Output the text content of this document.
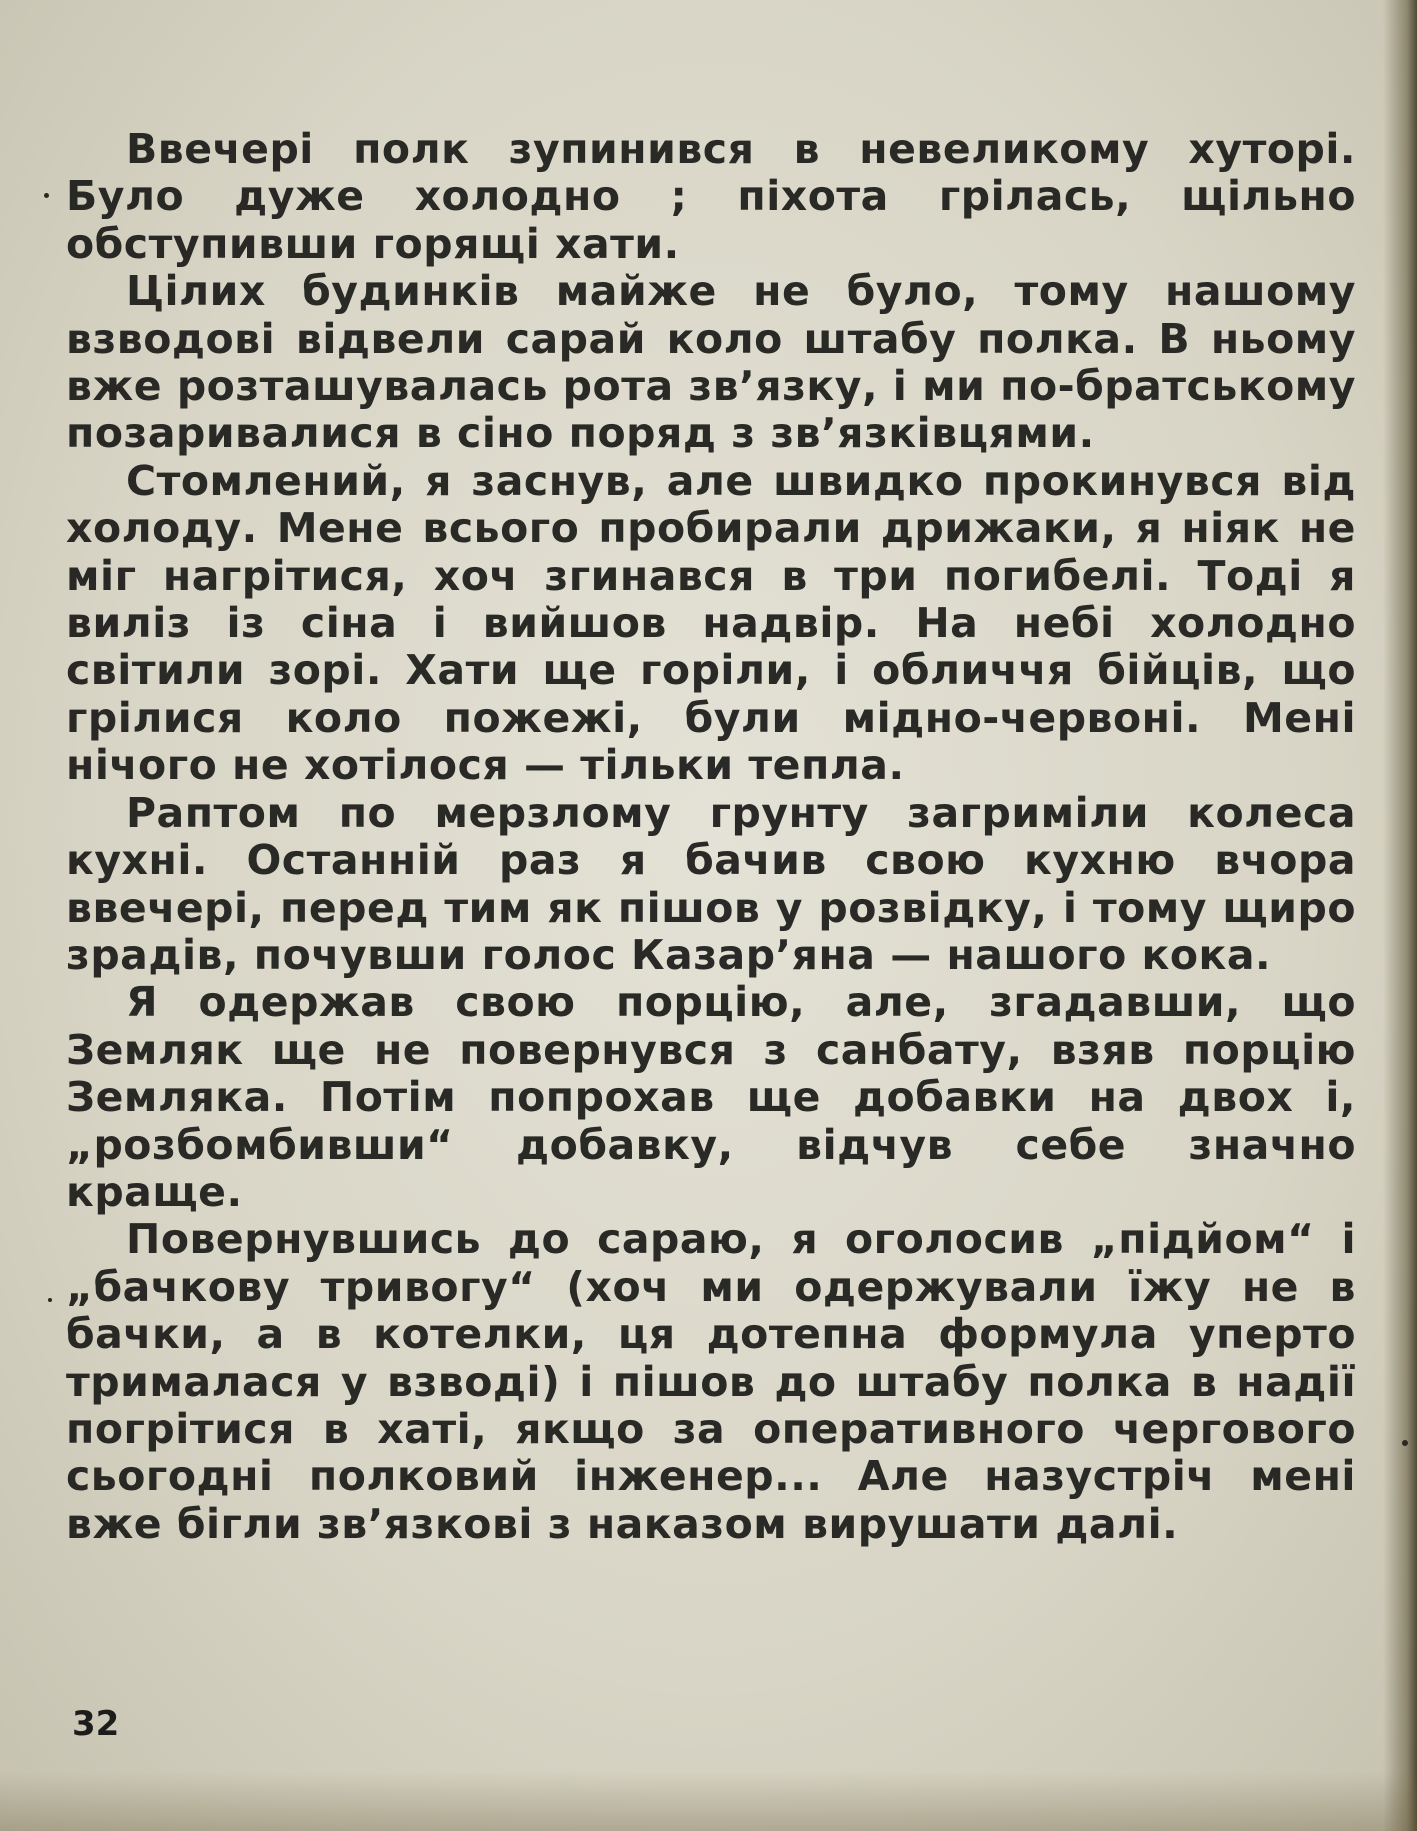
Ввечері полк зупинився в невеликому хуторі. Було дуже холодно ; піхота грілась, щільно обступивши горящі хати.

Цілих будинків майже не було, тому нашому взводові відвели сарай коло штабу полка. В ньому вже розташувалась рота зв’язку, і ми по-братському позаривалися в сіно поряд з зв’язківцями.

Стомлений, я заснув, але швидко прокинувся від холоду. Мене всього пробирали дрижаки, я ніяк не міг нагрітися, хоч згинався в три погибелі. Тоді я виліз із сіна і вийшов надвір. На небі холодно світили зорі. Хати ще горіли, і обличчя бійців, що грілися коло пожежі, були мідно-червоні. Мені нічого не хотілося — тільки тепла.

Раптом по мерзлому грунту загриміли колеса кухні. Останній раз я бачив свою кухню вчора ввечері, перед тим як пішов у розвідку, і тому щиро зрадів, почувши голос Казар’яна — нашого кока.

Я одержав свою порцію, але, згадавши, що Земляк ще не повернувся з санбату, взяв порцію Земляка. Потім попрохав ще добавки на двох і, „розбомбивши“ добавку, відчув себе значно краще.

Повернувшись до сараю, я оголосив „підйом“ і „бачкову тривогу“ (хоч ми одержували їжу не в бачки, а в котелки, ця дотепна формула уперто трималася у взводі) і пішов до штабу полка в надії погрітися в хаті, якщо за оперативного чергового сьогодні полковий інженер... Але назустріч мені вже бігли зв’язкові з наказом вирушати далі.

32
